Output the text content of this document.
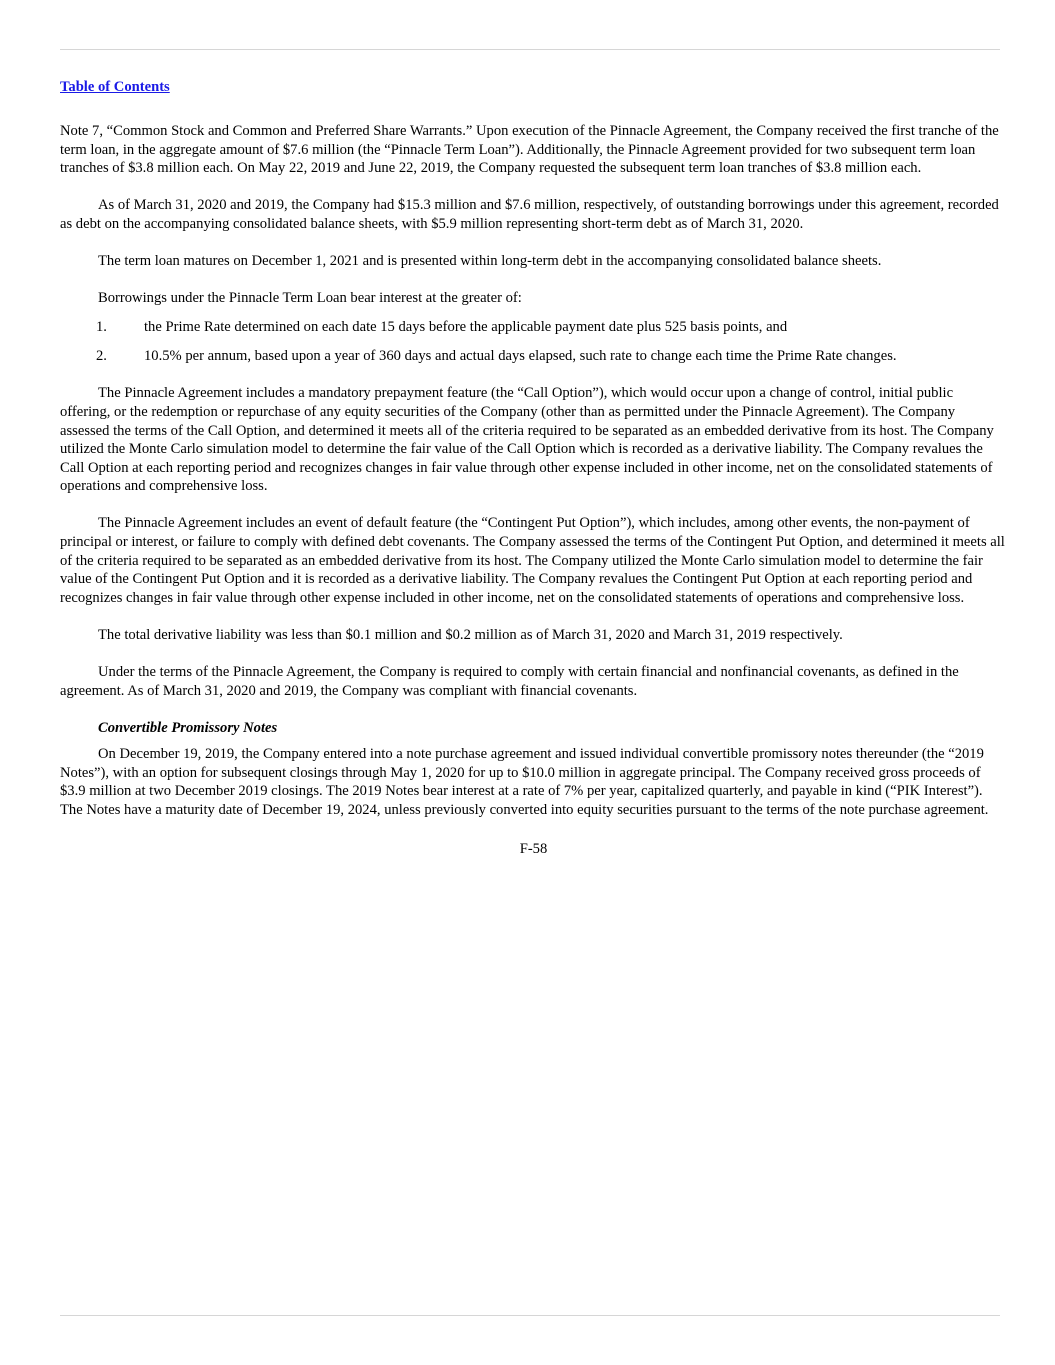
Table of Contents

Note 7, “Common Stock and Common and Preferred Share Warrants.” Upon execution of the Pinnacle Agreement, the Company received the first tranche of the term loan, in the aggregate amount of $7.6 million (the “Pinnacle Term Loan”). Additionally, the Pinnacle Agreement provided for two subsequent term loan tranches of $3.8 million each. On May 22, 2019 and June 22, 2019, the Company requested the subsequent term loan tranches of $3.8 million each.

As of March 31, 2020 and 2019, the Company had $15.3 million and $7.6 million, respectively, of outstanding borrowings under this agreement, recorded as debt on the accompanying consolidated balance sheets, with $5.9 million representing short-term debt as of March 31, 2020.

The term loan matures on December 1, 2021 and is presented within long-term debt in the accompanying consolidated balance sheets.

Borrowings under the Pinnacle Term Loan bear interest at the greater of:

1.	the Prime Rate determined on each date 15 days before the applicable payment date plus 525 basis points, and
2.	10.5% per annum, based upon a year of 360 days and actual days elapsed, such rate to change each time the Prime Rate changes.

The Pinnacle Agreement includes a mandatory prepayment feature (the “Call Option”), which would occur upon a change of control, initial public offering, or the redemption or repurchase of any equity securities of the Company (other than as permitted under the Pinnacle Agreement). The Company assessed the terms of the Call Option, and determined it meets all of the criteria required to be separated as an embedded derivative from its host. The Company utilized the Monte Carlo simulation model to determine the fair value of the Call Option which is recorded as a derivative liability. The Company revalues the Call Option at each reporting period and recognizes changes in fair value through other expense included in other income, net on the consolidated statements of operations and comprehensive loss.

The Pinnacle Agreement includes an event of default feature (the “Contingent Put Option”), which includes, among other events, the non-payment of principal or interest, or failure to comply with defined debt covenants. The Company assessed the terms of the Contingent Put Option, and determined it meets all of the criteria required to be separated as an embedded derivative from its host. The Company utilized the Monte Carlo simulation model to determine the fair value of the Contingent Put Option and it is recorded as a derivative liability. The Company revalues the Contingent Put Option at each reporting period and recognizes changes in fair value through other expense included in other income, net on the consolidated statements of operations and comprehensive loss.

The total derivative liability was less than $0.1 million and $0.2 million as of March 31, 2020 and March 31, 2019 respectively.

Under the terms of the Pinnacle Agreement, the Company is required to comply with certain financial and nonfinancial covenants, as defined in the agreement. As of March 31, 2020 and 2019, the Company was compliant with financial covenants.

Convertible Promissory Notes

On December 19, 2019, the Company entered into a note purchase agreement and issued individual convertible promissory notes thereunder (the “2019 Notes”), with an option for subsequent closings through May 1, 2020 for up to $10.0 million in aggregate principal. The Company received gross proceeds of $3.9 million at two December 2019 closings. The 2019 Notes bear interest at a rate of 7% per year, capitalized quarterly, and payable in kind (“PIK Interest”). The Notes have a maturity date of December 19, 2024, unless previously converted into equity securities pursuant to the terms of the note purchase agreement.

F-58
